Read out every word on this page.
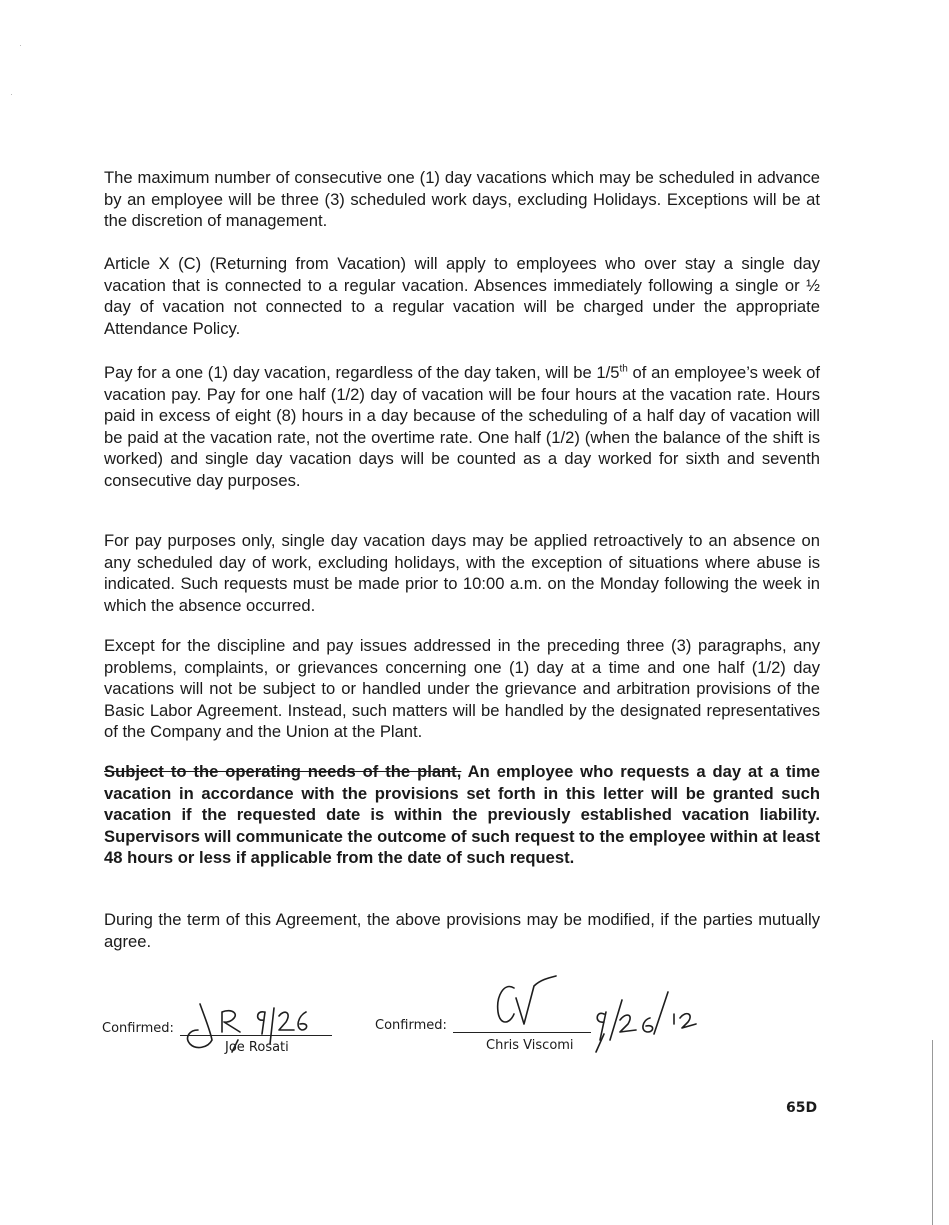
The maximum number of consecutive one (1) day vacations which may be scheduled in advance by an employee will be three (3) scheduled work days, excluding Holidays. Exceptions will be at the discretion of management.

Article X (C) (Returning from Vacation) will apply to employees who over stay a single day vacation that is connected to a regular vacation. Absences immediately following a single or ½ day of vacation not connected to a regular vacation will be charged under the appropriate Attendance Policy.

Pay for a one (1) day vacation, regardless of the day taken, will be 1/5th of an employee’s week of vacation pay. Pay for one half (1/2) day of vacation will be four hours at the vacation rate. Hours paid in excess of eight (8) hours in a day because of the scheduling of a half day of vacation will be paid at the vacation rate, not the overtime rate. One half (1/2) (when the balance of the shift is worked) and single day vacation days will be counted as a day worked for sixth and seventh consecutive day purposes.

For pay purposes only, single day vacation days may be applied retroactively to an absence on any scheduled day of work, excluding holidays, with the exception of situations where abuse is indicated. Such requests must be made prior to 10:00 a.m. on the Monday following the week in which the absence occurred.

Except for the discipline and pay issues addressed in the preceding three (3) paragraphs, any problems, complaints, or grievances concerning one (1) day at a time and one half (1/2) day vacations will not be subject to or handled under the grievance and arbitration provisions of the Basic Labor Agreement. Instead, such matters will be handled by the designated representatives of the Company and the Union at the Plant.

Subject to the operating needs of the plant, An employee who requests a day at a time vacation in accordance with the provisions set forth in this letter will be granted such vacation if the requested date is within the previously established vacation liability. Supervisors will communicate the outcome of such request to the employee within at least 48 hours or less if applicable from the date of such request.

During the term of this Agreement, the above provisions may be modified, if the parties mutually agree.

Confirmed:
Joe Rosati
Confirmed:
Chris Viscomi
65D
